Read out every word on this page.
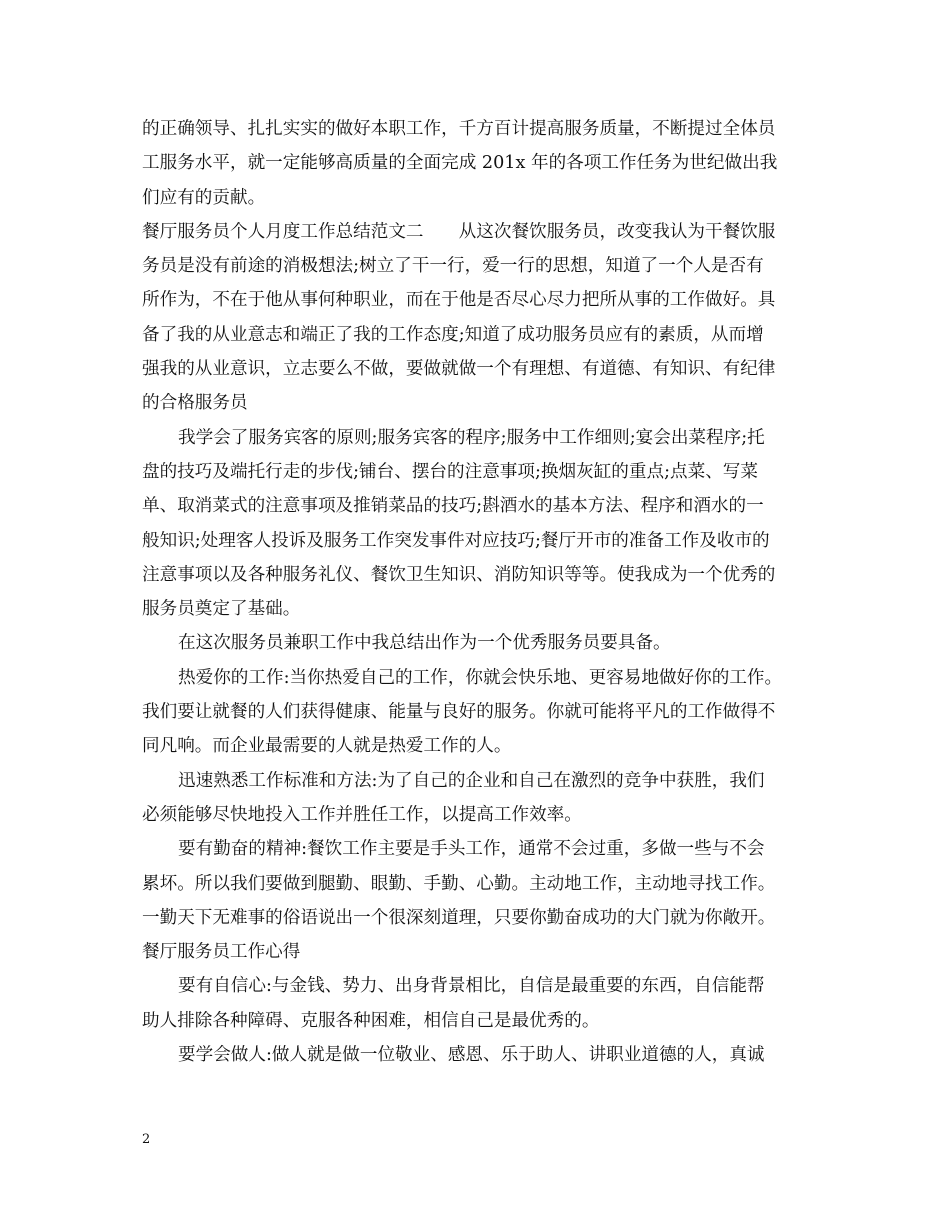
的正确领导、扎扎实实的做好本职工作，千方百计提高服务质量，不断提过全体员

工服务水平，就一定能够高质量的全面完成 201x 年的各项工作任务为世纪做出我

们应有的贡献。

餐厅服务员个人月度工作总结范文二　　从这次餐饮服务员，改变我认为干餐饮服

务员是没有前途的消极想法;树立了干一行，爱一行的思想，知道了一个人是否有

所作为，不在于他从事何种职业，而在于他是否尽心尽力把所从事的工作做好。具

备了我的从业意志和端正了我的工作态度;知道了成功服务员应有的素质，从而增

强我的从业意识，立志要么不做，要做就做一个有理想、有道德、有知识、有纪律

的合格服务员

我学会了服务宾客的原则;服务宾客的程序;服务中工作细则;宴会出菜程序;托

盘的技巧及端托行走的步伐;铺台、摆台的注意事项;换烟灰缸的重点;点菜、写菜

单、取消菜式的注意事项及推销菜品的技巧;斟酒水的基本方法、程序和酒水的一

般知识;处理客人投诉及服务工作突发事件对应技巧;餐厅开市的准备工作及收市的

注意事项以及各种服务礼仪、餐饮卫生知识、消防知识等等。使我成为一个优秀的

服务员奠定了基础。

在这次服务员兼职工作中我总结出作为一个优秀服务员要具备。

热爱你的工作:当你热爱自己的工作，你就会快乐地、更容易地做好你的工作。

我们要让就餐的人们获得健康、能量与良好的服务。你就可能将平凡的工作做得不

同凡响。而企业最需要的人就是热爱工作的人。

迅速熟悉工作标准和方法:为了自己的企业和自己在激烈的竞争中获胜，我们

必须能够尽快地投入工作并胜任工作，以提高工作效率。

要有勤奋的精神:餐饮工作主要是手头工作，通常不会过重，多做一些与不会

累坏。所以我们要做到腿勤、眼勤、手勤、心勤。主动地工作，主动地寻找工作。

一勤天下无难事的俗语说出一个很深刻道理，只要你勤奋成功的大门就为你敞开。

餐厅服务员工作心得

要有自信心:与金钱、势力、出身背景相比，自信是最重要的东西，自信能帮

助人排除各种障碍、克服各种困难，相信自己是最优秀的。

要学会做人:做人就是做一位敬业、感恩、乐于助人、讲职业道德的人，真诚

2
